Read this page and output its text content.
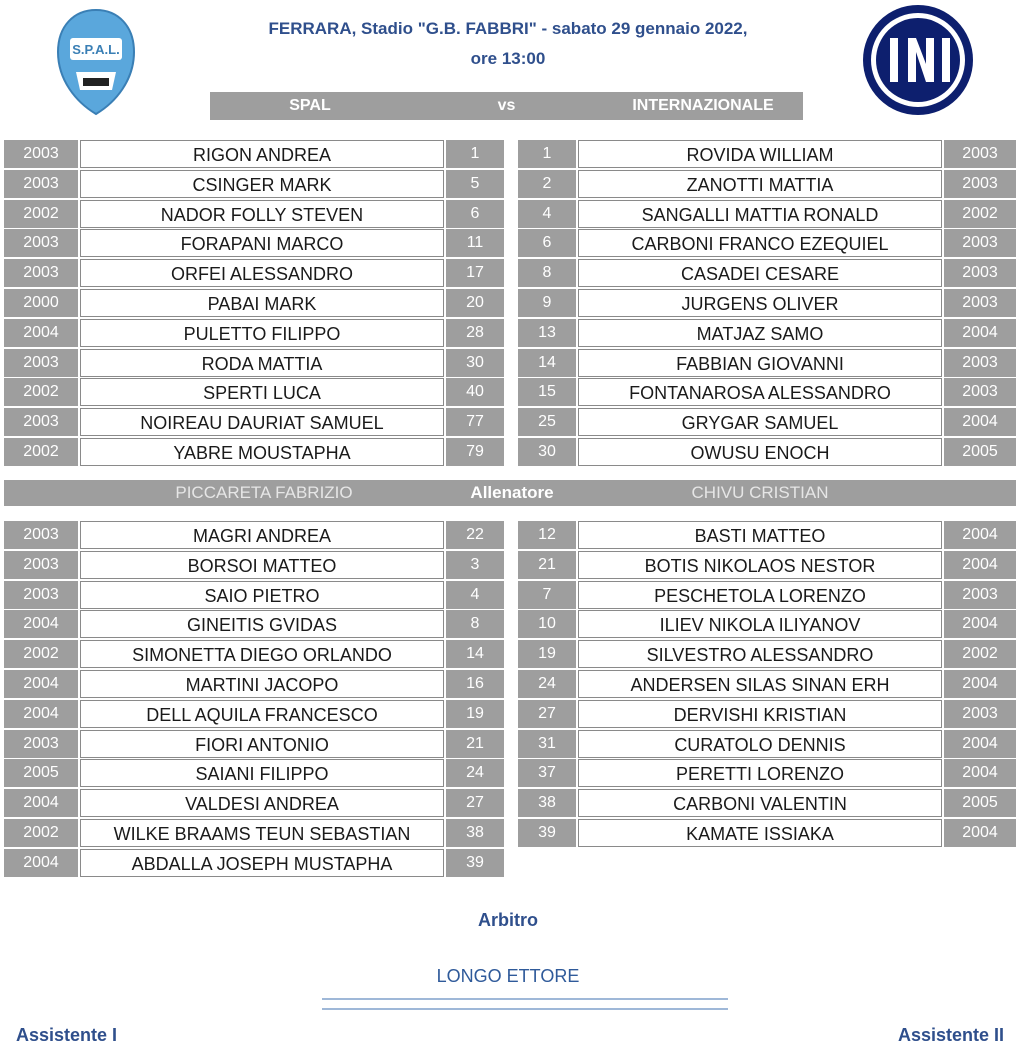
FERRARA, Stadio "G.B. FABBRI" - sabato 29 gennaio 2022,
ore 13:00
S.P.A.L.
SPAL	vs	INTERNAZIONALE
2003	RIGON ANDREA	1
2003	CSINGER MARK	5
2002	NADOR FOLLY STEVEN	6
2003	FORAPANI MARCO	11
2003	ORFEI ALESSANDRO	17
2000	PABAI MARK	20
2004	PULETTO FILIPPO	28
2003	RODA MATTIA	30
2002	SPERTI LUCA	40
2003	NOIREAU DAURIAT SAMUEL	77
2002	YABRE MOUSTAPHA	79
1	ROVIDA WILLIAM	2003
2	ZANOTTI MATTIA	2003
4	SANGALLI MATTIA RONALD	2002
6	CARBONI FRANCO EZEQUIEL	2003
8	CASADEI CESARE	2003
9	JURGENS OLIVER	2003
13	MATJAZ SAMO	2004
14	FABBIAN GIOVANNI	2003
15	FONTANAROSA ALESSANDRO	2003
25	GRYGAR SAMUEL	2004
30	OWUSU ENOCH	2005
PICCARETA FABRIZIO	Allenatore	CHIVU CRISTIAN
2003	MAGRI ANDREA	22
2003	BORSOI MATTEO	3
2003	SAIO PIETRO	4
2004	GINEITIS GVIDAS	8
2002	SIMONETTA DIEGO ORLANDO	14
2004	MARTINI JACOPO	16
2004	DELL AQUILA FRANCESCO	19
2003	FIORI ANTONIO	21
2005	SAIANI FILIPPO	24
2004	VALDESI ANDREA	27
2002	WILKE BRAAMS TEUN SEBASTIAN	38
2004	ABDALLA JOSEPH MUSTAPHA	39
12	BASTI MATTEO	2004
21	BOTIS NIKOLAOS NESTOR	2004
7	PESCHETOLA LORENZO	2003
10	ILIEV NIKOLA ILIYANOV	2004
19	SILVESTRO ALESSANDRO	2002
24	ANDERSEN SILAS SINAN ERH	2004
27	DERVISHI KRISTIAN	2003
31	CURATOLO DENNIS	2004
37	PERETTI LORENZO	2004
38	CARBONI VALENTIN	2005
39	KAMATE ISSIAKA	2004
Arbitro
LONGO ETTORE
Assistente I	Assistente II
